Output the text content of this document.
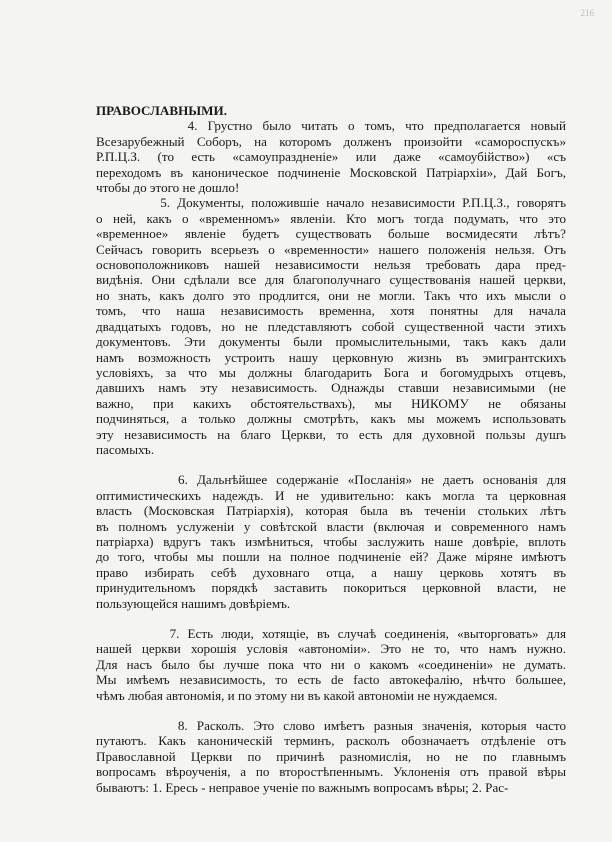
216

ПРАВОСЛАВНЫМИ.

4. Грустно было читать о томъ, что предполагается новый
Всезарубежный Соборъ, на которомъ долженъ произойти «самороспускъ»
Р.П.Ц.З. (то есть «самоупраздненіе» или даже «самоубійство») «съ
переходомъ въ каноническое подчиненіе Московской Патріархіи», Дай Богъ,
чтобы до этого не дошло!

5. Документы, положившіе начало независимости Р.П.Ц.З., говорятъ
о ней, какъ о «временномъ» явленіи. Кто могъ тогда подумать, что это
«временное» явленіе будетъ существовать больше восмидесяти лѣтъ?
Сейчасъ говорить всерьезъ о «временности» нашего положенія нельзя. Отъ
основоположниковъ нашей независимости нельзя требовать дара пред-
видѣнія. Они сдѣлали все для благополучнаго существованія нашей церкви,
но знать, какъ долго это продлится, они не могли. Такъ что ихъ мысли о
томъ, что наша независимость временна, хотя понятны для начала
двадцатыхъ годовъ, но не пледставляютъ собой существенной части этихъ
документовъ. Эти документы были промыслительными, такъ какъ дали
намъ возможность устроить нашу церковную жизнь въ эмигрантскихъ
условіяхъ, за что мы должны благодарить Бога и богомудрыхъ отцевъ,
давшихъ намъ эту независимость. Однажды ставши независимыми (не
важно, при какихъ обстоятельствахъ), мы НИКОМУ не обязаны
подчиняться, а только должны смотрѣть, какъ мы можемъ использовать
эту независимость на благо Церкви, то есть для духовной пользы душъ
пасомыхъ.

6. Дальнѣйшее содержаніе «Посланія» не даетъ основанія для
оптимистическихъ надеждъ. И не удивительно: какъ могла та церковная
власть (Московская Патріархія), которая была въ теченіи стольких лѣтъ
въ полномъ услуженіи у совѣтской власти (включая и современного намъ
патріарха) вдругъ такъ измѣниться, чтобы заслужить наше довѣріе, вплоть
до того, чтобы мы пошли на полное подчиненіе ей? Даже міряне имѣютъ
право избирать себѣ духовнаго отца, а нашу церковь хотятъ въ
принудительномъ порядкѣ заставить покориться церковной власти, не
пользующейся нашимъ довѣріемъ.

7. Есть люди, хотящіе, въ случаѣ соединенія, «выторговать» для
нашей церкви хорошія условія «автономіи». Это не то, что намъ нужно.
Для насъ было бы лучше пока что ни о какомъ «соединеніи» не думать.
Мы имѣемъ независимость, то есть de facto автокефалію, нѣчто большее,
чѣмъ любая автономія, и по этому ни въ какой автономіи не нуждаемся.

8. Расколъ. Это слово имѣетъ разныя значенія, которыя часто
путаютъ. Какъ каноническій терминъ, расколъ обозначаетъ отдѣленіе отъ
Православной Церкви по причинѣ разномислія, но не по главнымъ
вопросамъ вѣроученія, а по второстѣпеннымъ. Уклоненія отъ правой вѣры
бываютъ: 1. Ересь - неправое ученіе по важнымъ вопросамъ вѣры; 2. Рас-
